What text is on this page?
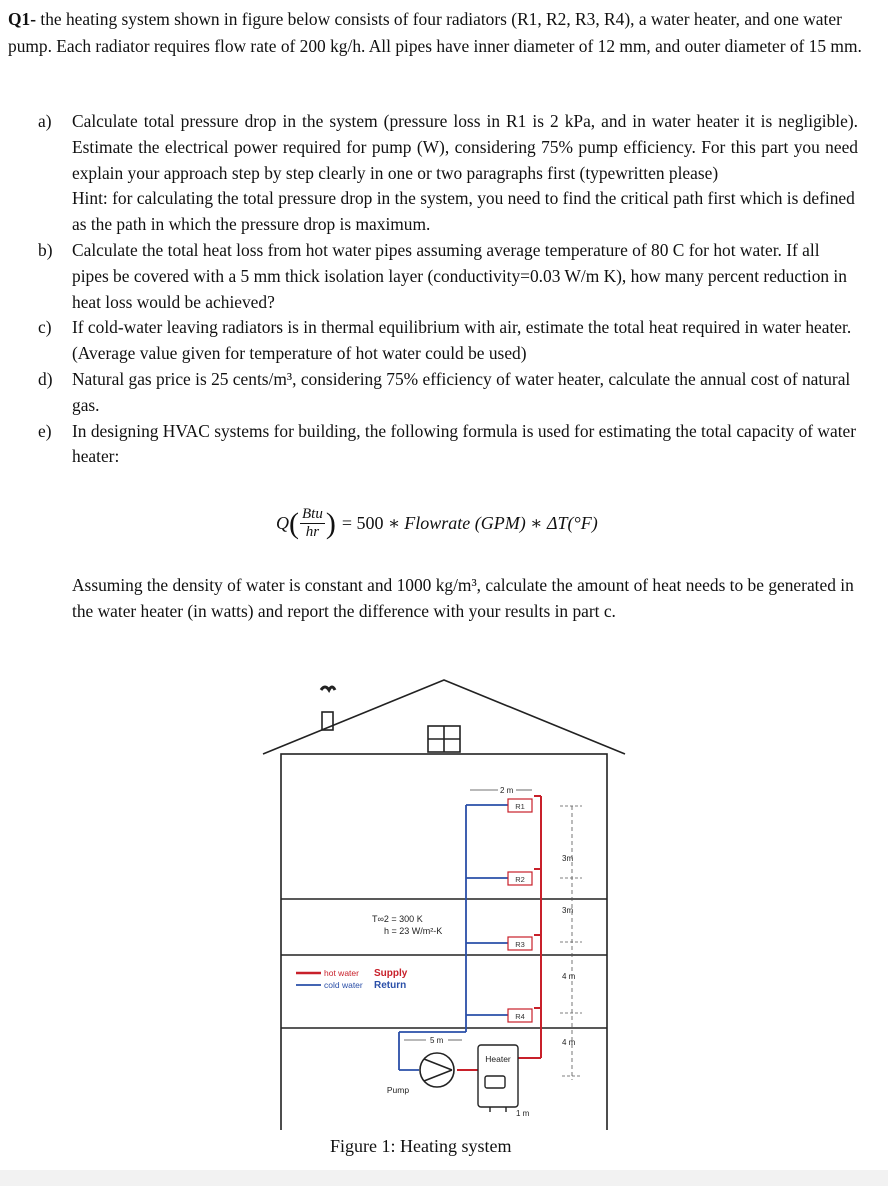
Q1- the heating system shown in figure below consists of four radiators (R1, R2, R3, R4), a water heater, and one water pump. Each radiator requires flow rate of 200 kg/h. All pipes have inner diameter of 12 mm, and outer diameter of 15 mm.
a)	Calculate total pressure drop in the system (pressure loss in R1 is 2 kPa, and in water heater it is negligible). Estimate the electrical power required for pump (W), considering 75% pump efficiency. For this part you need explain your approach step by step clearly in one or two paragraphs first (typewritten please)

Hint: for calculating the total pressure drop in the system, you need to find the critical path first which is defined as the path in which the pressure drop is maximum.

b)	Calculate the total heat loss from hot water pipes assuming average temperature of 80 C for hot water. If all pipes be covered with a 5 mm thick isolation layer (conductivity=0.03 W/m K), how many percent reduction in heat loss would be achieved?

c)	If cold-water leaving radiators is in thermal equilibrium with air, estimate the total heat required in water heater. (Average value given for temperature of hot water could be used)

d)	Natural gas price is 25 cents/m³, considering 75% efficiency of water heater, calculate the annual cost of natural gas.

e)	In designing HVAC systems for building, the following formula is used for estimating the total capacity of water heater:

Q ( $\frac{\text{Btu}}{hr}$ ) = 500 ∗ Flowrate (GPM) ∗ ΔT(°F)

Assuming the density of water is constant and 1000 kg/m³, calculate the amount of heat needs to be generated in the water heater (in watts) and report the difference with your results in part c.

R1
R2
R3
R4
Heater
Pump
T∞2 = 300 K
h = 23 W/m²-K
hot water Supply
cold water Return
2 m
5 m
1 m
3m
3m
4 m
4 m
Figure 1: Heating system
